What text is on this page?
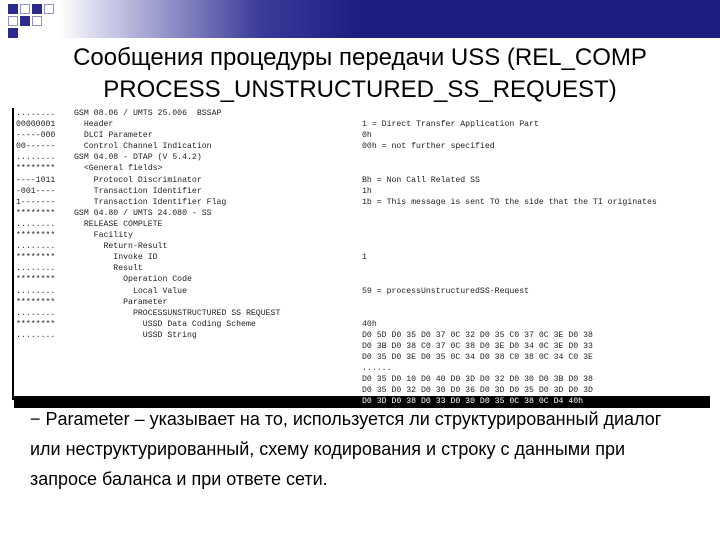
Сообщения процедуры передачи USS (REL_COMP
PROCESS_UNSTRUCTURED_SS_REQUEST)
........	GSM 08.06 / UMTS 25.006  BSSAP
00000001	Header	1 = Direct Transfer Application Part
-----000	DLCI Parameter	0h
00------	Control Channel Indication	00h = not further specified
........	GSM 04.08 - DTAP (V 5.4.2)
********	<General fields>
----1011	Protocol Discriminator	Bh = Non Call Related SS
-001----	Transaction Identifier	1h
1-------	Transaction Identifier Flag	1b = This message is sent TO the side that the TI originates
********	GSM 04.80 / UMTS 24.080 - SS
........	RELEASE COMPLETE
********	Facility
........	Return-Result
********	Invoke ID	1
........	Result
********	Operation Code
........	Local Value	59 = processUnstructuredSS-Request
********	Parameter
........	PROCESSUNSTRUCTURED SS REQUEST
********	USSD Data Coding Scheme	40h
........	USSD String	D0 5D D0 35 D0 37 0C 32 D0 35 C0 37 0C 3E D0 38
D0 3B D0 38 C0 37 0C 38 D0 3E D0 34 0C 3E D0 33
D0 35 D0 3E D0 35 0C 34 D0 38 C0 38 0C 34 C0 3E
......
D0 35 D0 10 D0 40 D0 3D D0 32 D0 30 D0 3B D0 38
D0 35 D0 32 D0 30 D0 36 D0 3D D0 35 D0 3D D0 3D
D0 3D D0 38 D0 33 D0 30 D0 35 0C 38 0C D4 40h
− Parameter – указывает на то, используется ли структурированный диалог или неструктурированный, схему кодирования и строку с данными при запросе баланса и при ответе сети.
